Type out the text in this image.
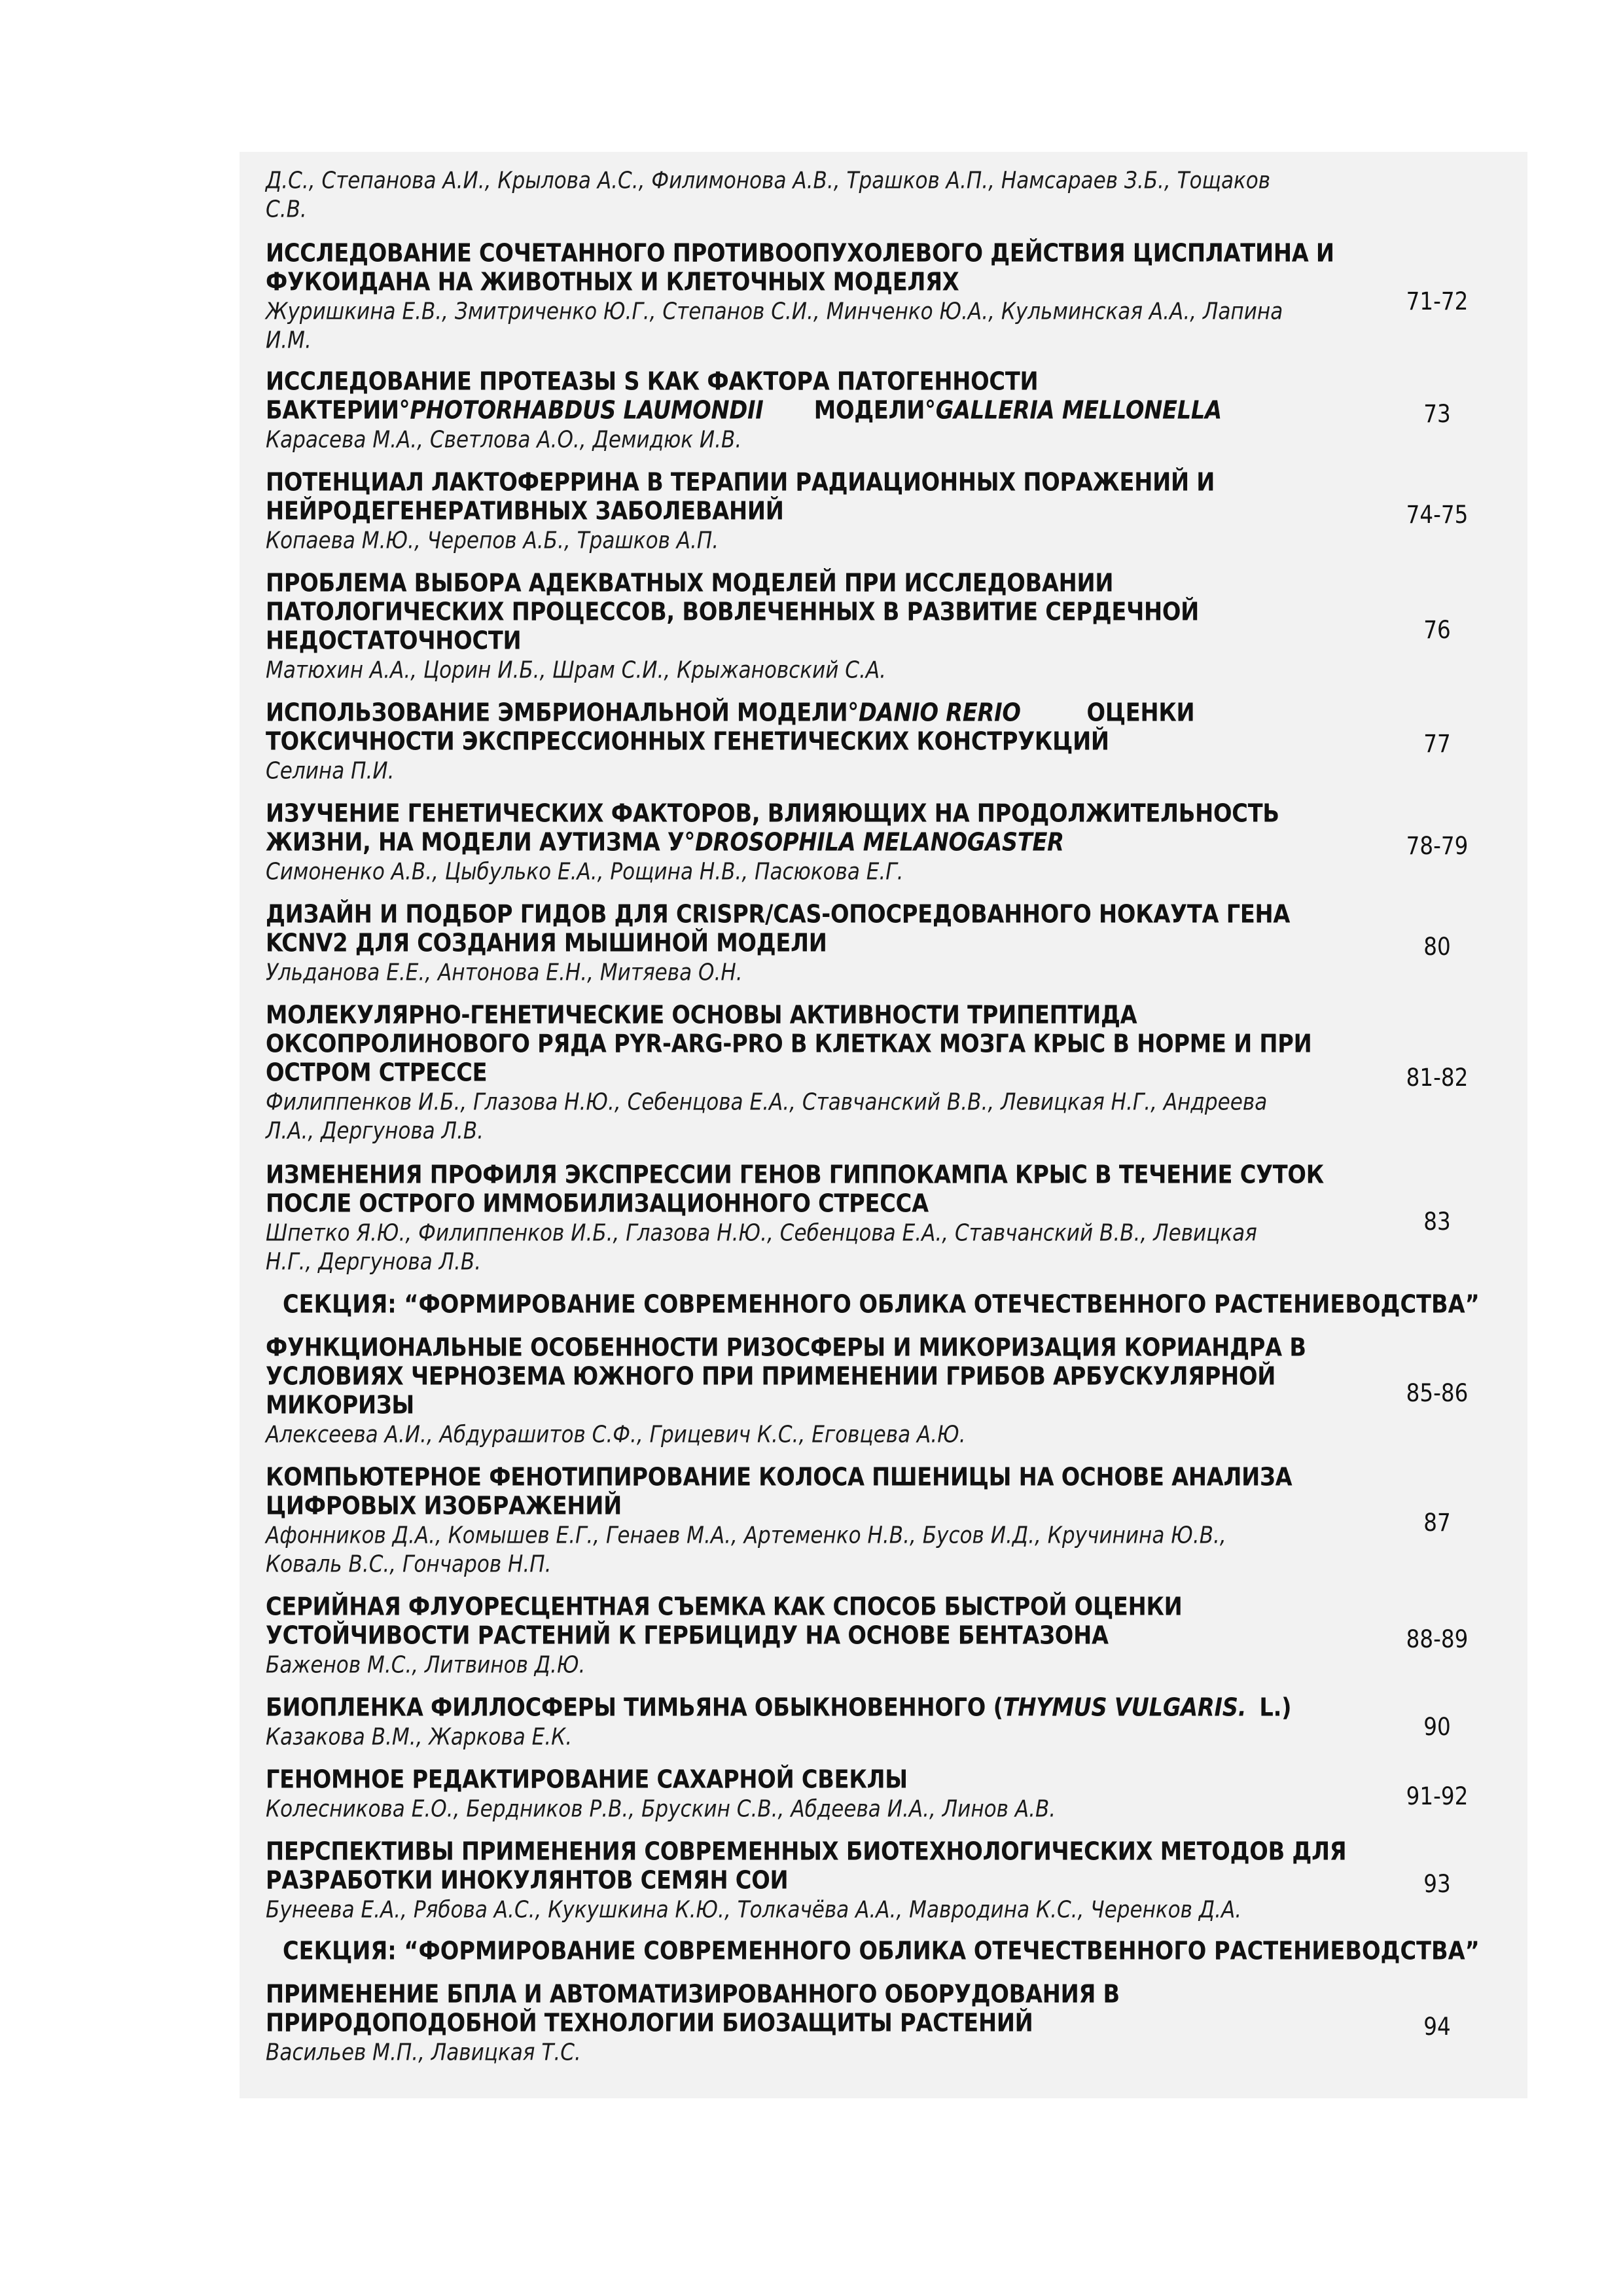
Д.С., Степанова А.И., Крылова А.С., Филимонова А.В., Трашков А.П., Намсараев З.Б., Тощаков
С.В.
ИССЛЕДОВАНИЕ СОЧЕТАННОГО ПРОТИВООПУХОЛЕВОГО ДЕЙСТВИЯ ЦИСПЛАТИНА И
ФУКОИДАНА НА ЖИВОТНЫХ И КЛЕТОЧНЫХ МОДЕЛЯХ
Журишкина Е.В., Змитриченко Ю.Г., Степанов С.И., Минченко Ю.А., Кульминская А.А., Лапина
И.М.
71-72
ИССЛЕДОВАНИЕ ПРОТЕАЗЫ S КАК ФАКТОРА ПАТОГЕННОСТИ
БАКТЕРИИ°PHOTORHABDUS LAUMONDII МОДЕЛИ°GALLERIA MELLONELLA
Карасева М.А., Светлова А.О., Демидюк И.В.
73
ПОТЕНЦИАЛ ЛАКТОФЕРРИНА В ТЕРАПИИ РАДИАЦИОННЫХ ПОРАЖЕНИЙ И
НЕЙРОДЕГЕНЕРАТИВНЫХ ЗАБОЛЕВАНИЙ
Копаева М.Ю., Черепов А.Б., Трашков А.П.
74-75
ПРОБЛЕМА ВЫБОРА АДЕКВАТНЫХ МОДЕЛЕЙ ПРИ ИССЛЕДОВАНИИ
ПАТОЛОГИЧЕСКИХ ПРОЦЕССОВ, ВОВЛЕЧЕННЫХ В РАЗВИТИЕ СЕРДЕЧНОЙ
НЕДОСТАТОЧНОСТИ
Матюхин А.А., Цорин И.Б., Шрам С.И., Крыжановский С.А.
76
ИСПОЛЬЗОВАНИЕ ЭМБРИОНАЛЬНОЙ МОДЕЛИ°DANIO RERIO	ОЦЕНКИ
ТОКСИЧНОСТИ ЭКСПРЕССИОННЫХ ГЕНЕТИЧЕСКИХ КОНСТРУКЦИЙ
Селина П.И.
77
ИЗУЧЕНИЕ ГЕНЕТИЧЕСКИХ ФАКТОРОВ, ВЛИЯЮЩИХ НА ПРОДОЛЖИТЕЛЬНОСТЬ
ЖИЗНИ, НА МОДЕЛИ АУТИЗМА У°DROSOPHILA MELANOGASTER
Симоненко А.В., Цыбулько Е.А., Рощина Н.В., Пасюкова Е.Г.
78-79
ДИЗАЙН И ПОДБОР ГИДОВ ДЛЯ CRISPR/CAS-ОПОСРЕДОВАННОГО НОКАУТА ГЕНА
KCNV2 ДЛЯ СОЗДАНИЯ МЫШИНОЙ МОДЕЛИ
Ульданова Е.Е., Антонова Е.Н., Митяева О.Н.
80
МОЛЕКУЛЯРНО-ГЕНЕТИЧЕСКИЕ ОСНОВЫ АКТИВНОСТИ ТРИПЕПТИДА
ОКСОПРОЛИНОВОГО РЯДА PYR-ARG-PRO В КЛЕТКАХ МОЗГА КРЫС В НОРМЕ И ПРИ
ОСТРОМ СТРЕССЕ
Филиппенков И.Б., Глазова Н.Ю., Себенцова Е.А., Ставчанский В.В., Левицкая Н.Г., Андреева
Л.А., Дергунова Л.В.
81-82
ИЗМЕНЕНИЯ ПРОФИЛЯ ЭКСПРЕССИИ ГЕНОВ ГИППОКАМПА КРЫС В ТЕЧЕНИЕ СУТОК
ПОСЛЕ ОСТРОГО ИММОБИЛИЗАЦИОННОГО СТРЕССА
Шпетко Я.Ю., Филиппенков И.Б., Глазова Н.Ю., Себенцова Е.А., Ставчанский В.В., Левицкая
Н.Г., Дергунова Л.В.
83
СЕКЦИЯ: “ФОРМИРОВАНИЕ СОВРЕМЕННОГО ОБЛИКА ОТЕЧЕСТВЕННОГО РАСТЕНИЕВОДСТВА”
ФУНКЦИОНАЛЬНЫЕ ОСОБЕННОСТИ РИЗОСФЕРЫ И МИКОРИЗАЦИЯ КОРИАНДРА В
УСЛОВИЯХ ЧЕРНОЗЕМА ЮЖНОГО ПРИ ПРИМЕНЕНИИ ГРИБОВ АРБУСКУЛЯРНОЙ
МИКОРИЗЫ
Алексеева А.И., Абдурашитов С.Ф., Грицевич К.С., Еговцева А.Ю.
85-86
КОМПЬЮТЕРНОЕ ФЕНОТИПИРОВАНИЕ КОЛОСА ПШЕНИЦЫ НА ОСНОВЕ АНАЛИЗА
ЦИФРОВЫХ ИЗОБРАЖЕНИЙ
Афонников Д.А., Комышев Е.Г., Генаев М.А., Артеменко Н.В., Бусов И.Д., Кручинина Ю.В.,
Коваль В.С., Гончаров Н.П.
87
СЕРИЙНАЯ ФЛУОРЕСЦЕНТНАЯ СЪЕМКА КАК СПОСОБ БЫСТРОЙ ОЦЕНКИ
УСТОЙЧИВОСТИ РАСТЕНИЙ К ГЕРБИЦИДУ НА ОСНОВЕ БЕНТАЗОНА
Баженов М.С., Литвинов Д.Ю.
88-89
БИОПЛЕНКА ФИЛЛОСФЕРЫ ТИМЬЯНА ОБЫКНОВЕННОГО (THYMUS VULGARIS. L.)
Казакова В.М., Жаркова Е.К.	90
ГЕНОМНОЕ РЕДАКТИРОВАНИЕ САХАРНОЙ СВЕКЛЫ
Колесникова Е.О., Бердников Р.В., Брускин С.В., Абдеева И.А., Линов А.В.	91-92
ПЕРСПЕКТИВЫ ПРИМЕНЕНИЯ СОВРЕМЕННЫХ БИОТЕХНОЛОГИЧЕСКИХ МЕТОДОВ ДЛЯ
РАЗРАБОТКИ ИНОКУЛЯНТОВ СЕМЯН СОИ
Бунеева Е.А., Рябова А.С., Кукушкина К.Ю., Толкачёва А.А., Мавродина К.С., Черенков Д.А.
93
СЕКЦИЯ: “ФОРМИРОВАНИЕ СОВРЕМЕННОГО ОБЛИКА ОТЕЧЕСТВЕННОГО РАСТЕНИЕВОДСТВА”
ПРИМЕНЕНИЕ БПЛА И АВТОМАТИЗИРОВАННОГО ОБОРУДОВАНИЯ В
ПРИРОДОПОДОБНОЙ ТЕХНОЛОГИИ БИОЗАЩИТЫ РАСТЕНИЙ
Васильев М.П., Лавицкая Т.С.
94
